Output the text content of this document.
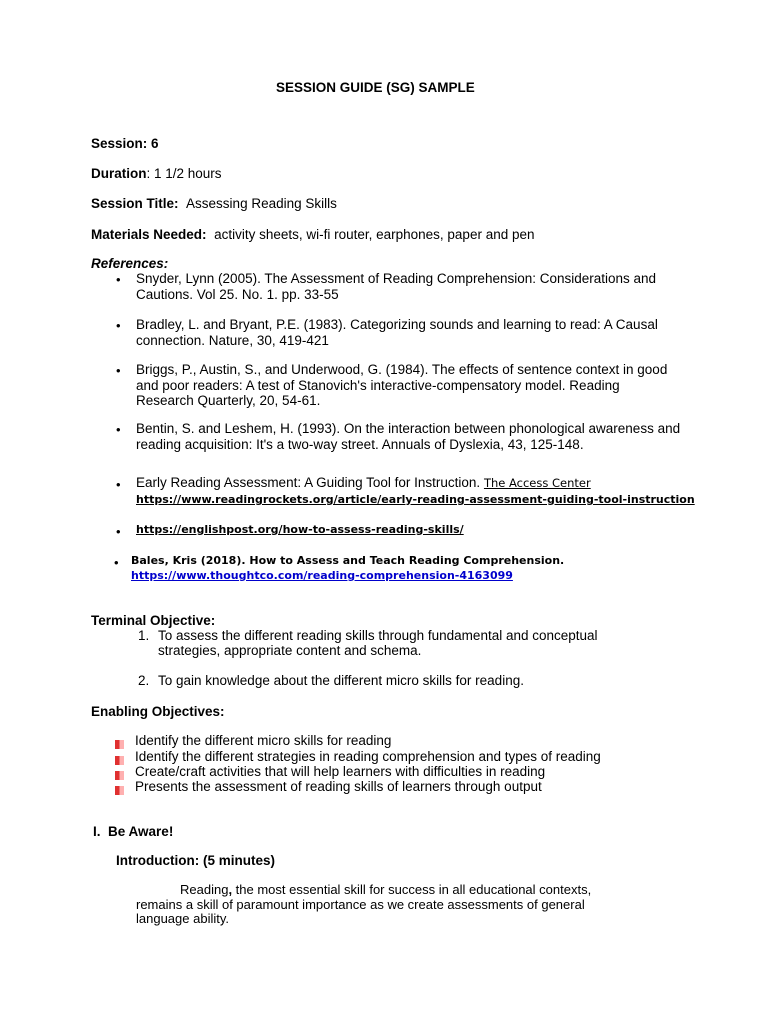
SESSION GUIDE (SG) SAMPLE
Session: 6
Duration: 1 1/2 hours
Session Title: Assessing Reading Skills
Materials Needed: activity sheets, wi-fi router, earphones, paper and pen
References:
• Snyder, Lynn (2005). The Assessment of Reading Comprehension: Considerations and Cautions. Vol 25. No. 1. pp. 33-55
• Bradley, L. and Bryant, P.E. (1983). Categorizing sounds and learning to read: A Causal connection. Nature, 30, 419-421
• Briggs, P., Austin, S., and Underwood, G. (1984). The effects of sentence context in good and poor readers: A test of Stanovich's interactive-compensatory model. Reading Research Quarterly, 20, 54-61.
• Bentin, S. and Leshem, H. (1993). On the interaction between phonological awareness and reading acquisition: It's a two-way street. Annuals of Dyslexia, 43, 125-148.
• Early Reading Assessment: A Guiding Tool for Instruction. The Access Center
https://www.readingrockets.org/article/early-reading-assessment-guiding-tool-instruction
• https://englishpost.org/how-to-assess-reading-skills/
• Bales, Kris (2018). How to Assess and Teach Reading Comprehension.
https://www.thoughtco.com/reading-comprehension-4163099
Terminal Objective:
1. To assess the different reading skills through fundamental and conceptual
strategies, appropriate content and schema.
2. To gain knowledge about the different micro skills for reading.
Enabling Objectives:
Identify the different micro skills for reading
Identify the different strategies in reading comprehension and types of reading
Create/craft activities that will help learners with difficulties in reading
Presents the assessment of reading skills of learners through output
I. Be Aware!
Introduction: (5 minutes)
Reading, the most essential skill for success in all educational contexts,
remains a skill of paramount importance as we create assessments of general
language ability.
